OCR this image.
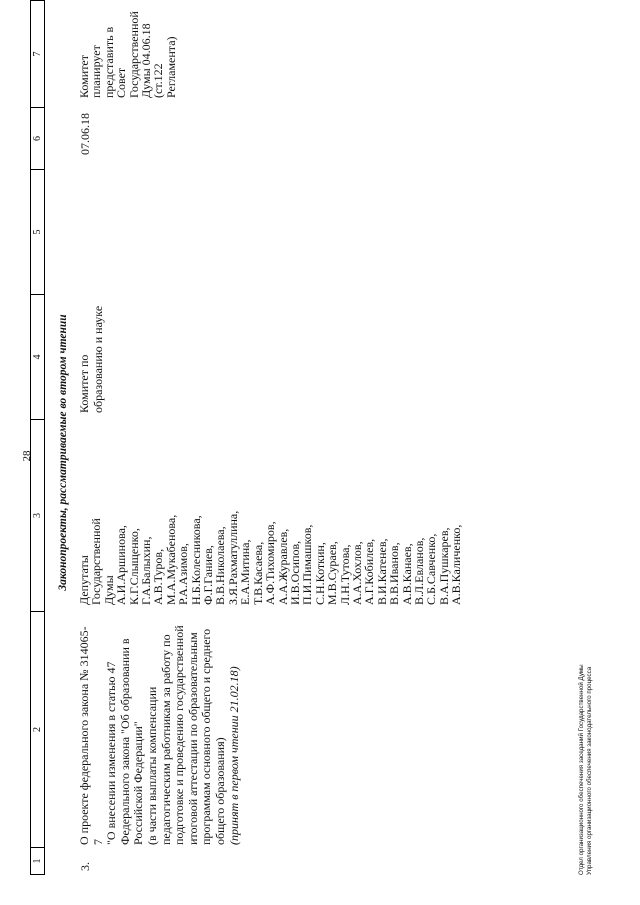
28
1
2
3
4
5
6
7
Законопроекты, рассматриваемые во втором чтении
3.
О проекте федерального закона № 314065-7 "О внесении изменения в статью 47 Федерального закона "Об образовании в Российской Федерации" (в части выплаты компенсации педагогическим работникам за работу по подготовке и проведению государственной итоговой аттестации по образовательным программам основного общего и среднего общего образования) (принят в первом чтении 21.02.18)
Депутаты
Государственной
Думы
А.И.Аршинова,
К.Г.Слыщенко,
Г.А.Балыхин,
А.В.Туров,
М.А.Мукабенова,
Р.А.Азимов,
Н.Б.Колесникова,
Ф.Г.Ганиев,
В.В.Николаева,
З.Я.Рахматуллина,
Е.А.Митина,
Т.В.Касаева,
А.Ф.Тихомиров,
А.А.Журавлев,
И.В.Осипов,
П.И.Пимашков,
С.Н.Коткин,
М.В.Сураев,
Л.Н.Тутова,
А.А.Хохлов,
А.Г.Кобилев,
В.И.Катенев,
В.В.Иванов,
А.В.Канаев,
В.Л.Евланов,
С.Б.Савченко,
В.А.Пушкарев,
А.В.Каличенко,
Комитет по образованию и науке
07.06.18
Комитет планирует
представить в Совет
Государственной
Думы 04.06.18
(ст.122 Регламента)
Отдел организационного обеспечения заседаний Государственной Думы Управления организационного обеспечения законодательного процесса
